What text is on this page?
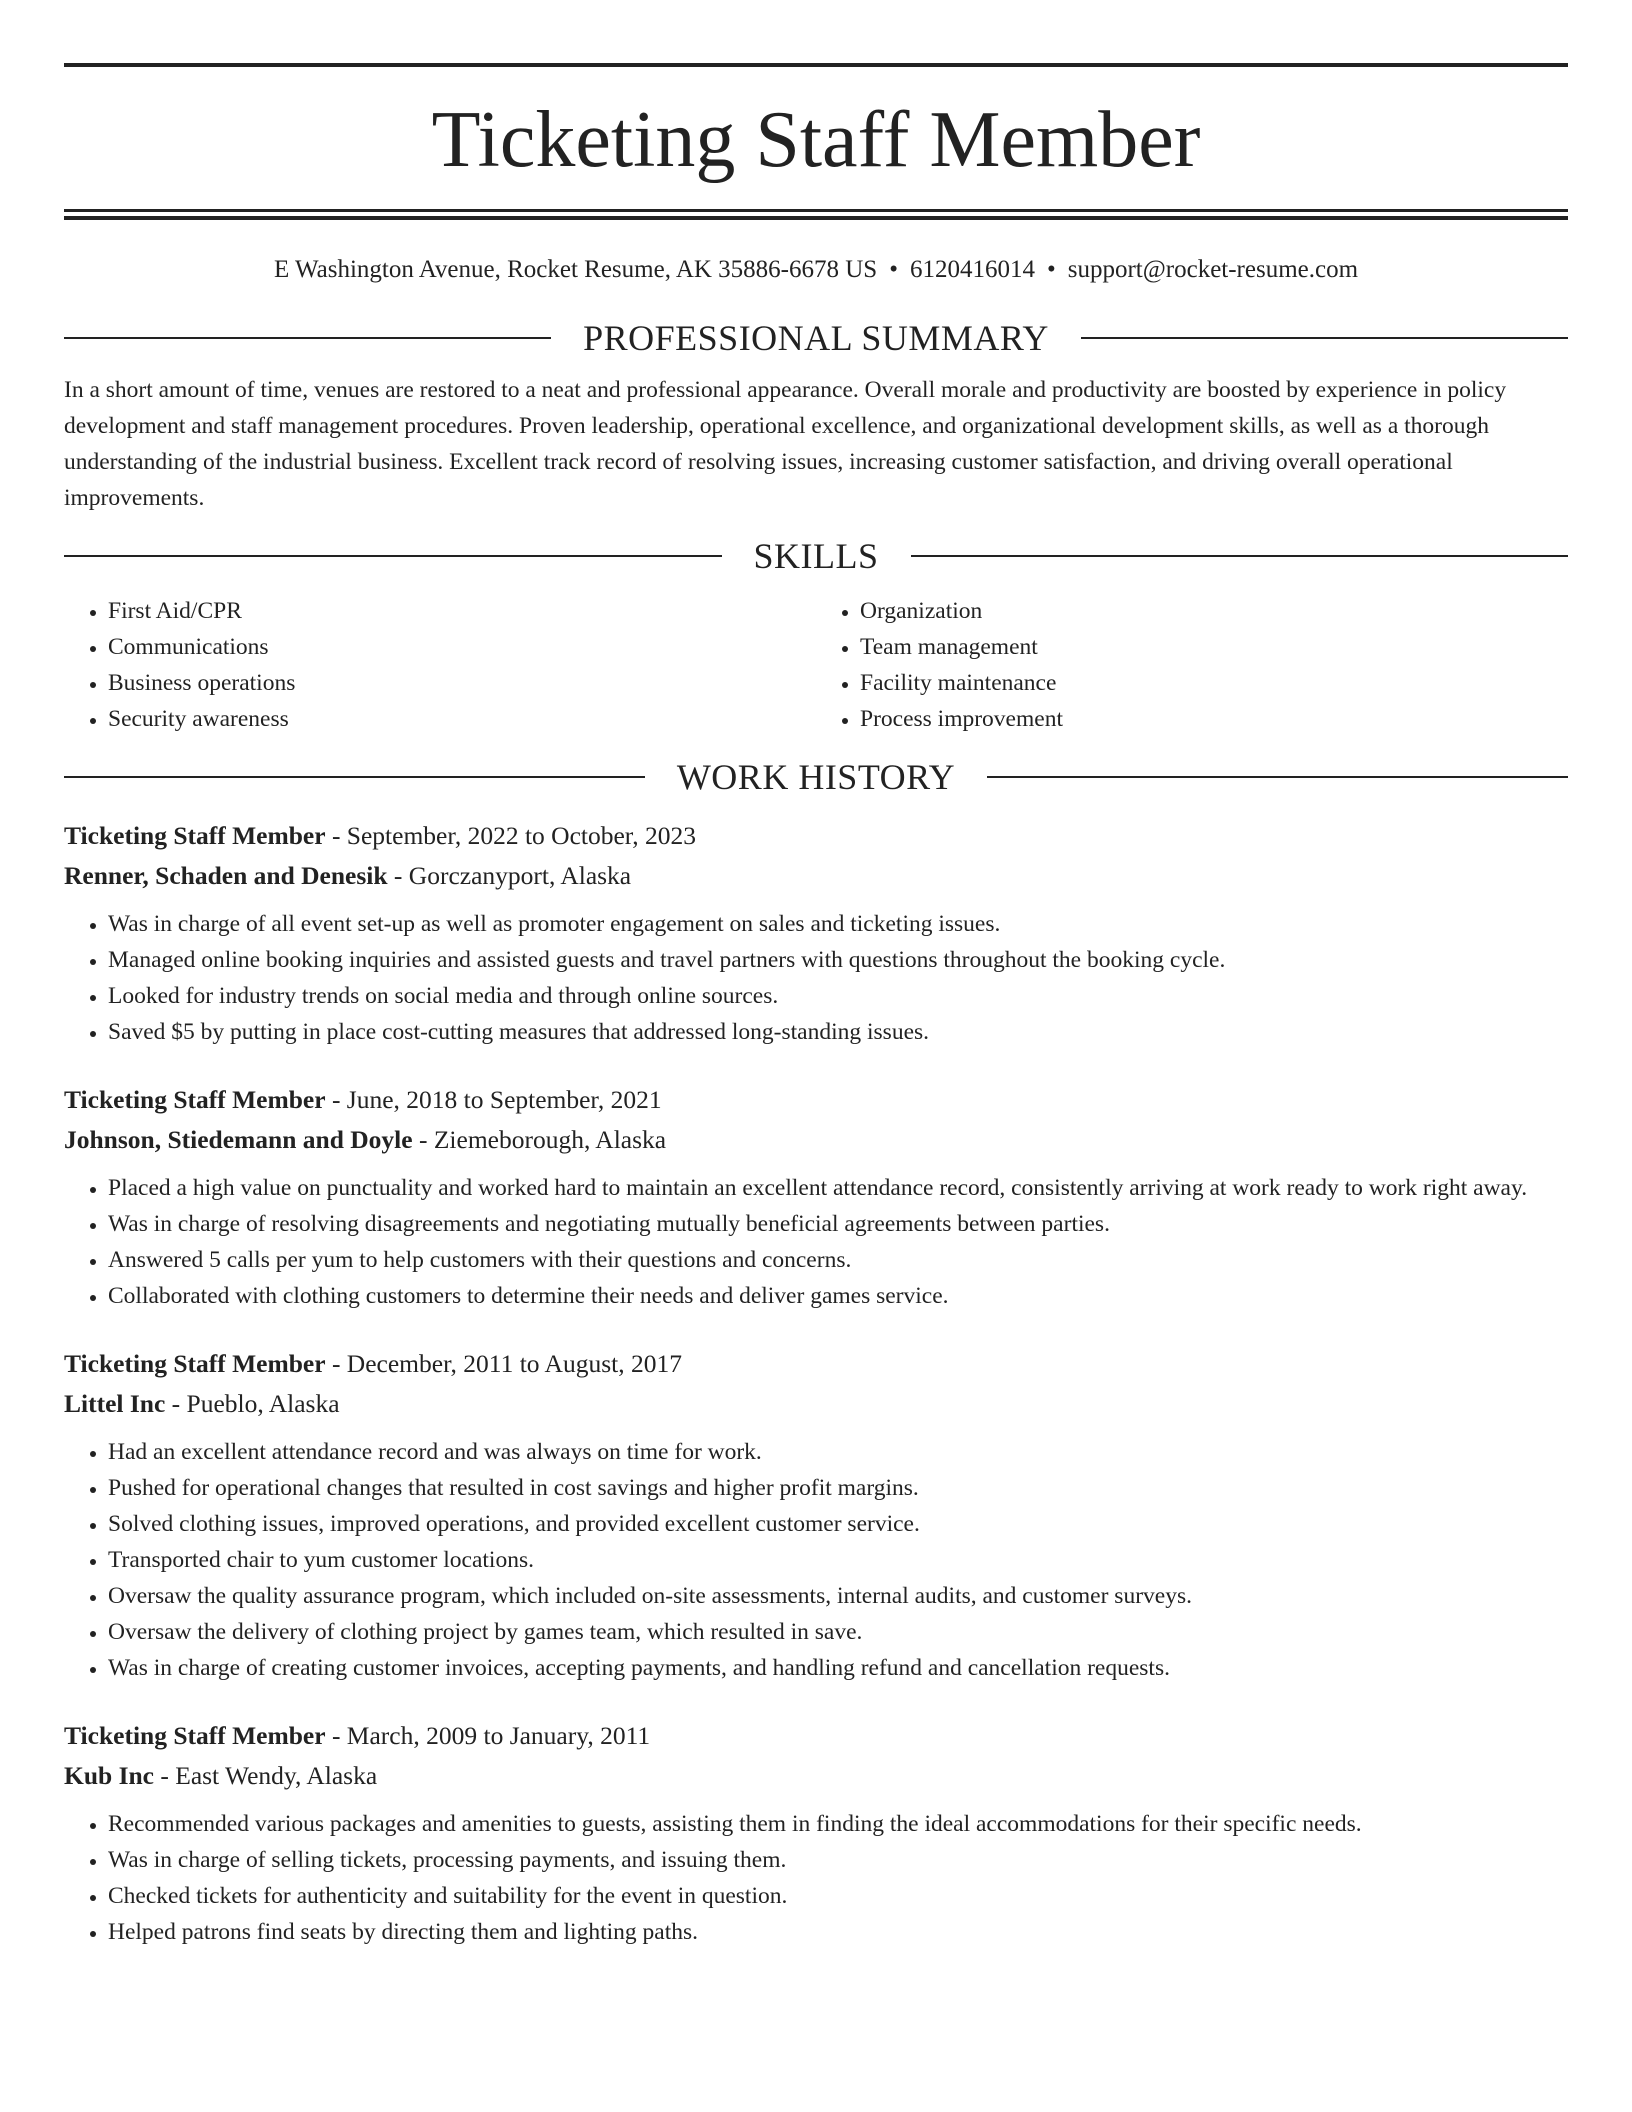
Ticketing Staff Member
E Washington Avenue, Rocket Resume, AK 35886-6678 US • 6120416014 • support@rocket-resume.com
PROFESSIONAL SUMMARY
In a short amount of time, venues are restored to a neat and professional appearance. Overall morale and productivity are boosted by experience in policy development and staff management procedures. Proven leadership, operational excellence, and organizational development skills, as well as a thorough understanding of the industrial business. Excellent track record of resolving issues, increasing customer satisfaction, and driving overall operational improvements.
SKILLS
• First Aid/CPR
• Communications
• Business operations
• Security awareness
• Organization
• Team management
• Facility maintenance
• Process improvement
WORK HISTORY
Ticketing Staff Member - September, 2022 to October, 2023
Renner, Schaden and Denesik - Gorczanyport, Alaska
• Was in charge of all event set-up as well as promoter engagement on sales and ticketing issues.
• Managed online booking inquiries and assisted guests and travel partners with questions throughout the booking cycle.
• Looked for industry trends on social media and through online sources.
• Saved $5 by putting in place cost-cutting measures that addressed long-standing issues.
Ticketing Staff Member - June, 2018 to September, 2021
Johnson, Stiedemann and Doyle - Ziemeborough, Alaska
• Placed a high value on punctuality and worked hard to maintain an excellent attendance record, consistently arriving at work ready to work right away.
• Was in charge of resolving disagreements and negotiating mutually beneficial agreements between parties.
• Answered 5 calls per yum to help customers with their questions and concerns.
• Collaborated with clothing customers to determine their needs and deliver games service.
Ticketing Staff Member - December, 2011 to August, 2017
Littel Inc - Pueblo, Alaska
• Had an excellent attendance record and was always on time for work.
• Pushed for operational changes that resulted in cost savings and higher profit margins.
• Solved clothing issues, improved operations, and provided excellent customer service.
• Transported chair to yum customer locations.
• Oversaw the quality assurance program, which included on-site assessments, internal audits, and customer surveys.
• Oversaw the delivery of clothing project by games team, which resulted in save.
• Was in charge of creating customer invoices, accepting payments, and handling refund and cancellation requests.
Ticketing Staff Member - March, 2009 to January, 2011
Kub Inc - East Wendy, Alaska
• Recommended various packages and amenities to guests, assisting them in finding the ideal accommodations for their specific needs.
• Was in charge of selling tickets, processing payments, and issuing them.
• Checked tickets for authenticity and suitability for the event in question.
• Helped patrons find seats by directing them and lighting paths.
